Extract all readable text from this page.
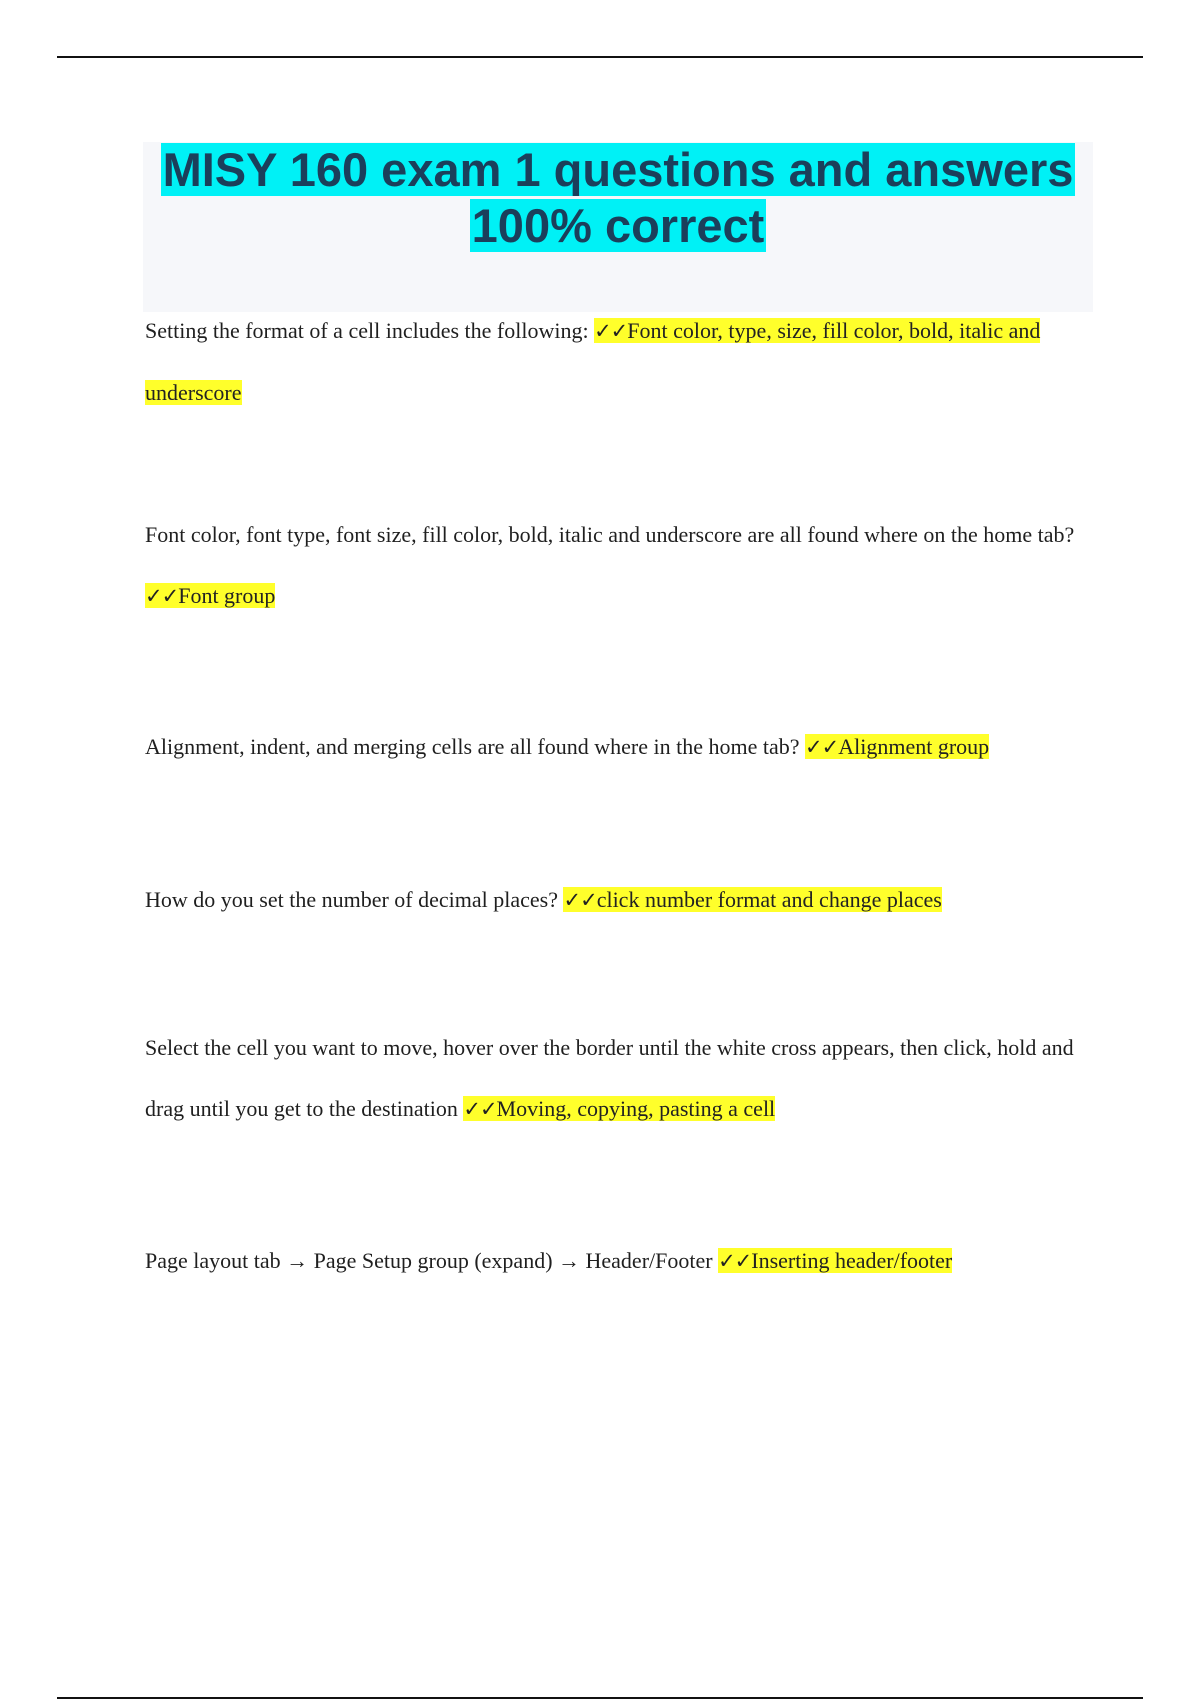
MISY 160 exam 1 questions and answers
100% correct
Setting the format of a cell includes the following: ✓✓Font color, type, size, fill color, bold, italic and underscore
Font color, font type, font size, fill color, bold, italic and underscore are all found where on the home tab? ✓✓Font group
Alignment, indent, and merging cells are all found where in the home tab? ✓✓Alignment group
How do you set the number of decimal places? ✓✓click number format and change places
Select the cell you want to move, hover over the border until the white cross appears, then click, hold and drag until you get to the destination ✓✓Moving, copying, pasting a cell
Page layout tab → Page Setup group (expand) → Header/Footer ✓✓Inserting header/footer
